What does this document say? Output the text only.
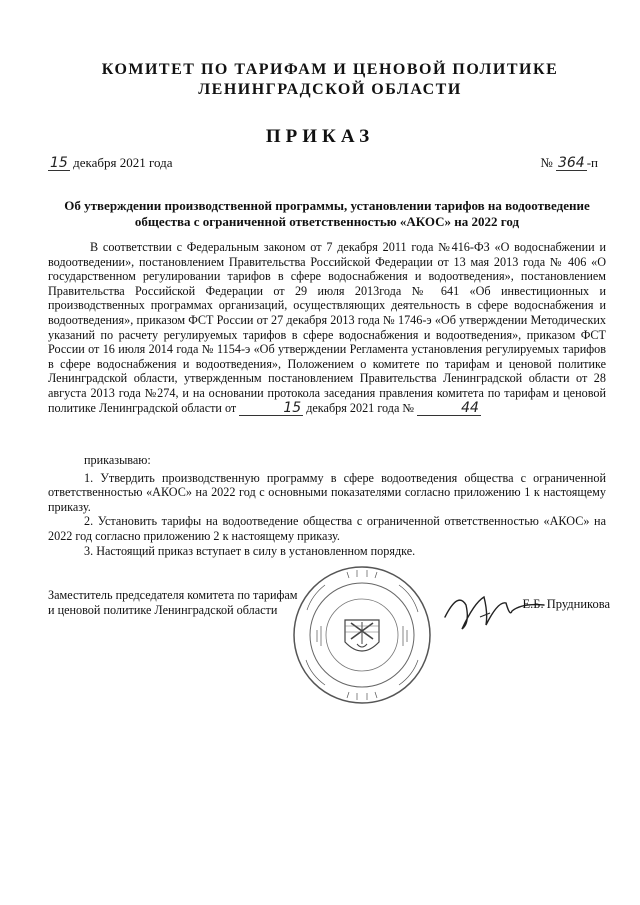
КОМИТЕТ ПО ТАРИФАМ И ЦЕНОВОЙ ПОЛИТИКЕ
ЛЕНИНГРАДСКОЙ ОБЛАСТИ
ПРИКАЗ
15 декабря 2021 года	№ 364 -п
Об утверждении производственной программы, установлении тарифов на водоотведение общества с ограниченной ответственностью «АКОС» на 2022 год

В соответствии с Федеральным законом от 7 декабря 2011 года №416-ФЗ «О водоснабжении и водоотведении», постановлением Правительства Российской Федерации от 13 мая 2013 года № 406 «О государственном регулировании тарифов в сфере водоснабжения и водоотведения», постановлением Правительства Российской Федерации от 29 июля 2013года № 641 «Об инвестиционных и производственных программах организаций, осуществляющих деятельность в сфере водоснабжения и водоотведения», приказом ФСТ России от 27 декабря 2013 года № 1746-э «Об утверждении Методических указаний по расчету регулируемых тарифов в сфере водоснабжения и водоотведения», приказом ФСТ России от 16 июля 2014 года № 1154-э «Об утверждении Регламента установления регулируемых тарифов в сфере водоснабжения и водоотведения», Положением о комитете по тарифам и ценовой политике Ленинградской области, утвержденным постановлением Правительства Ленинградской области от 28 августа 2013 года №274, и на основании протокола заседания правления комитета по тарифам и ценовой политике Ленинградской области от	15 декабря 2021 года №	44

приказываю:

1. Утвердить производственную программу в сфере водоотведения общества с ограниченной ответственностью «АКОС» на 2022 год с основными показателями согласно приложению 1 к настоящему приказу.

2. Установить тарифы на водоотведение общества с ограниченной ответственностью «АКОС» на 2022 год согласно приложению 2 к настоящему приказу.

3. Настоящий приказ вступает в силу в установленном порядке.

Заместитель председателя комитета по тарифам
и ценовой политике Ленинградской области	Е.Б. Прудникова
